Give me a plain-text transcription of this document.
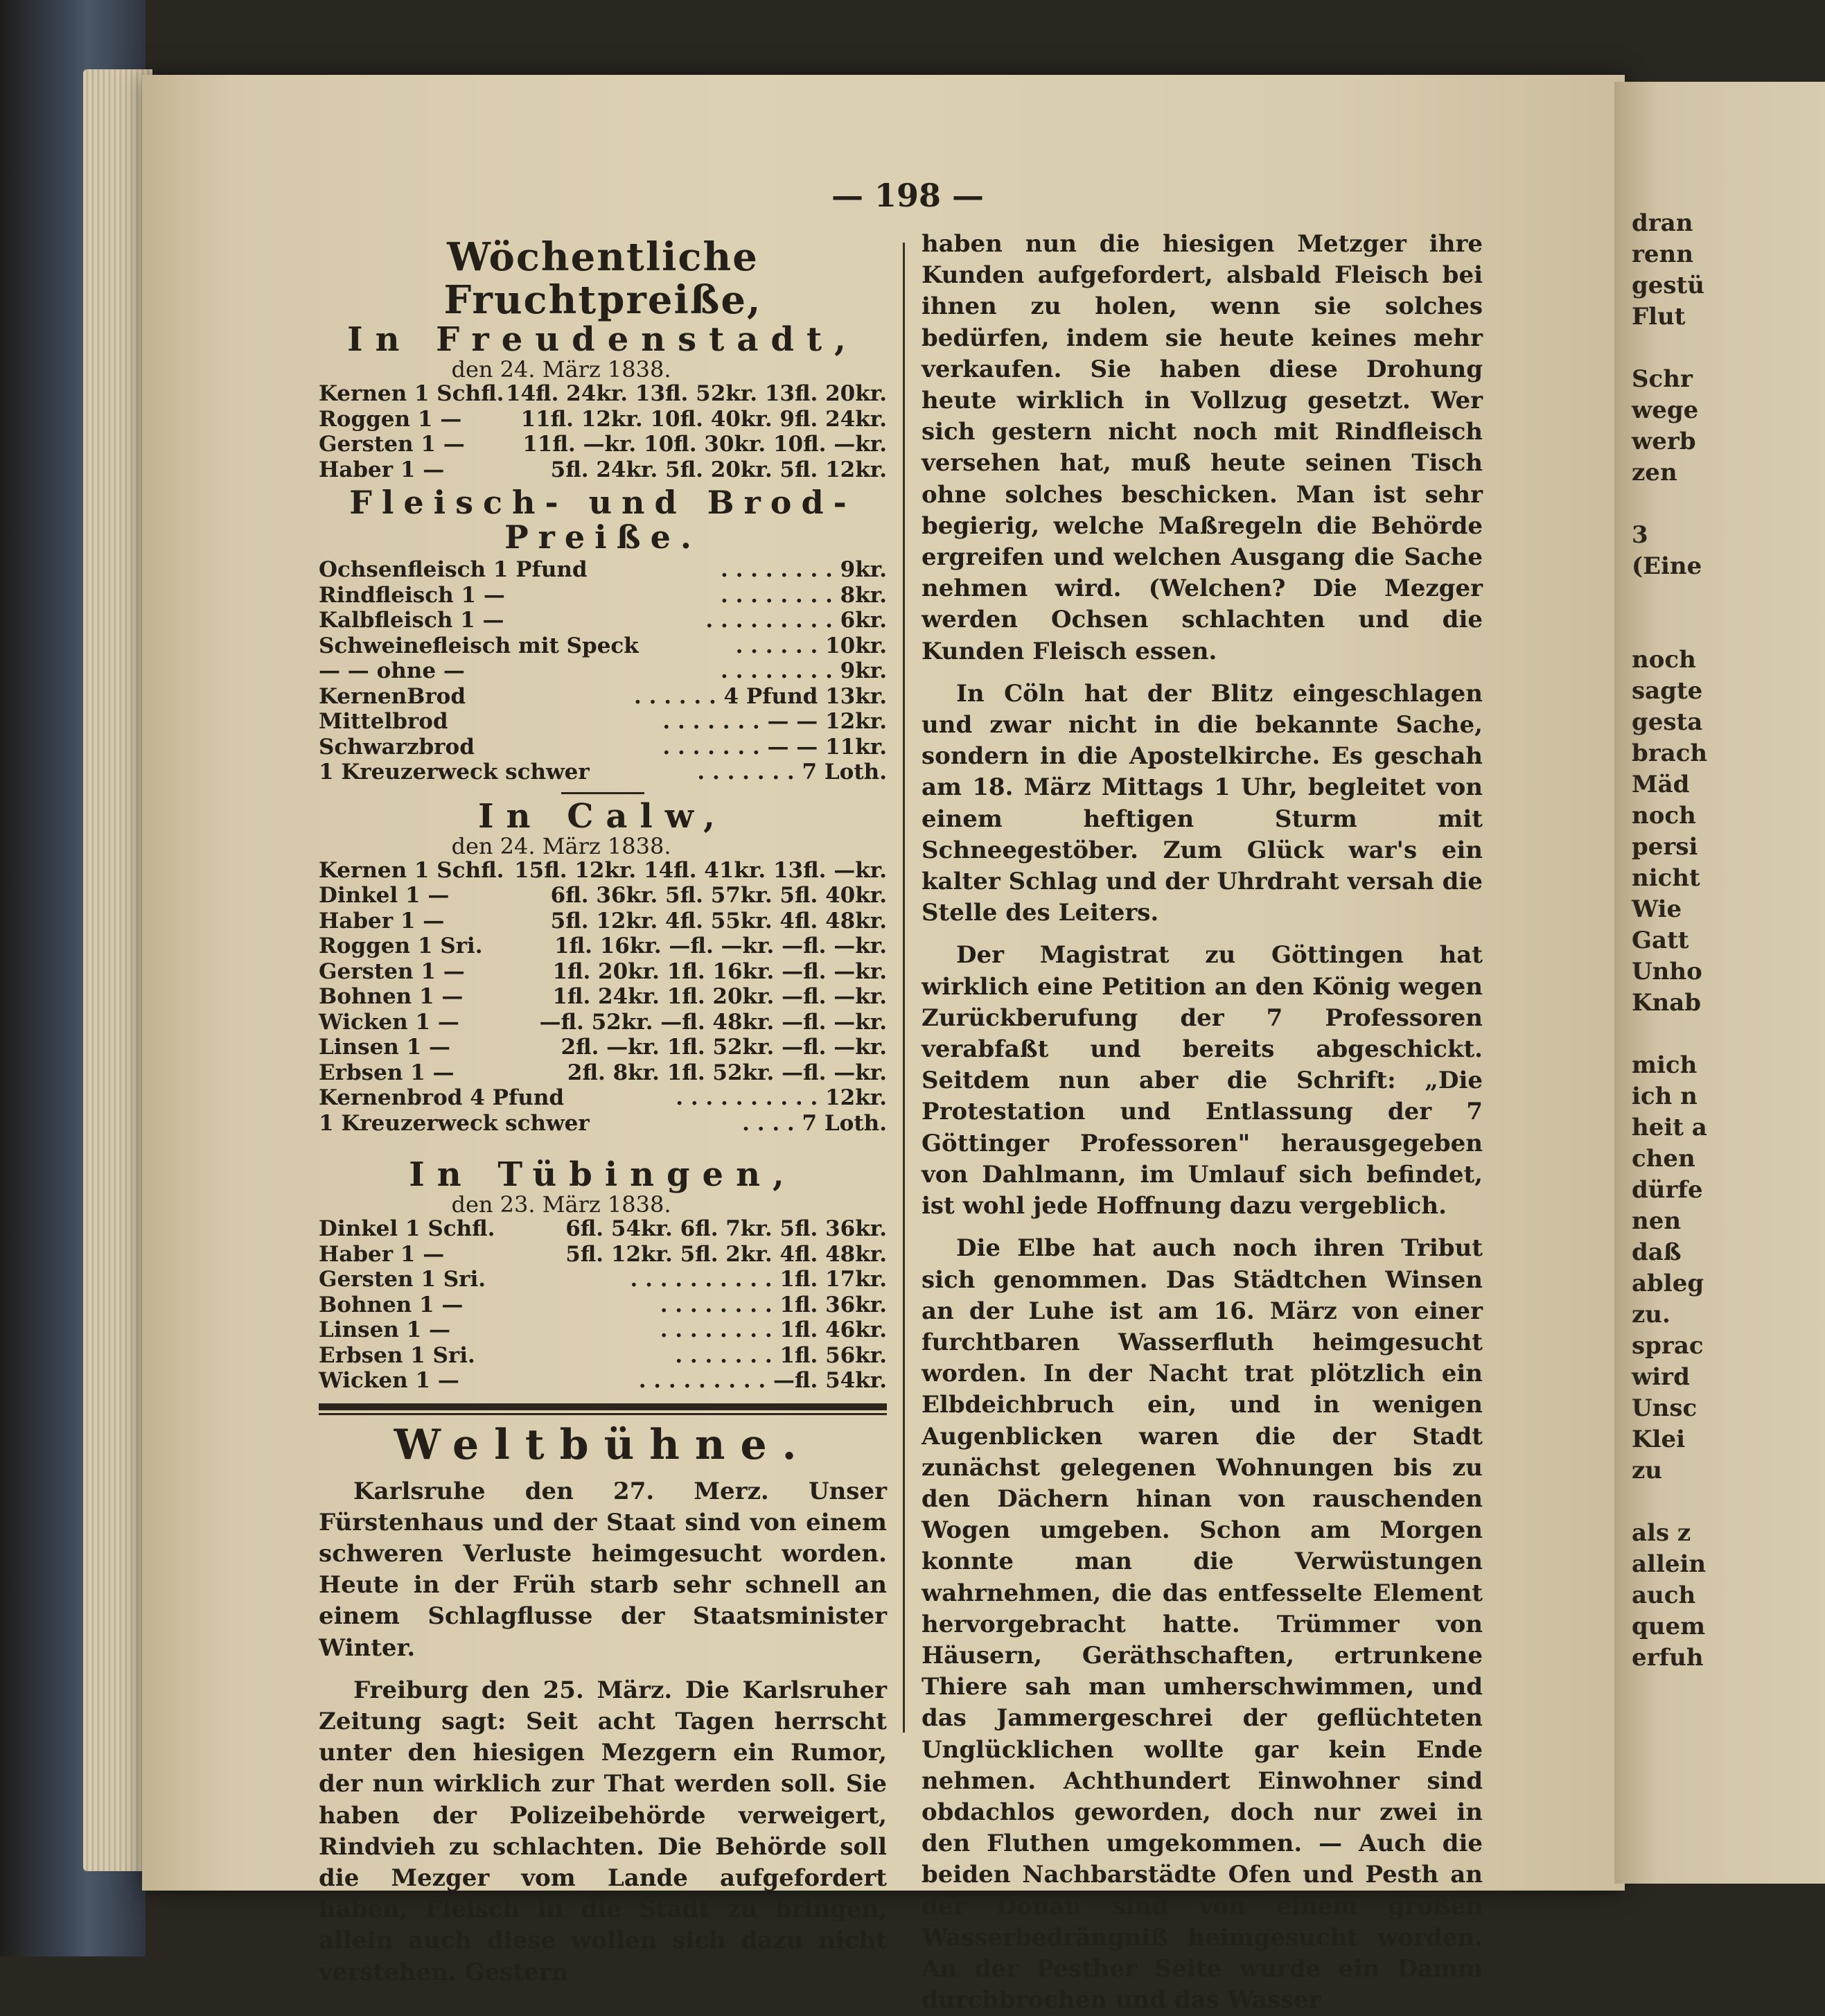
— 198 —
Wöchentliche Fruchtpreiße,
In Freudenstadt,
den 24. März 1838.
Kernen 1 Schfl. 14fl. 24kr. 13fl. 52kr. 13fl. 20kr.
Roggen 1 —	11fl. 12kr. 10fl. 40kr. 9fl. 24kr.
Gersten 1 —	11fl. —kr. 10fl. 30kr. 10fl. —kr.
Haber 1 —	5fl. 24kr. 5fl. 20kr. 5fl. 12kr.
Fleisch- und Brod-Preiße.
Ochsenfleisch 1 Pfund	. . . . . . . . 9kr.
Rindfleisch 1 —	. . . . . . . . 8kr.
Kalbfleisch 1 —	. . . . . . . . . 6kr.
Schweinefleisch mit Speck	. . . . . . 10kr.
— — ohne —	. . . . . . . . 9kr.
KernenBrod	. . . . . . 4 Pfund 13kr.
Mittelbrod	. . . . . . . — — 12kr.
Schwarzbrod	. . . . . . . — — 11kr.
1 Kreuzerweck schwer	. . . . . . . 7 Loth.
In Calw,
den 24. März 1838.
Kernen 1 Schfl. 15fl. 12kr. 14fl. 41kr. 13fl. —kr.
Dinkel 1 —	6fl. 36kr. 5fl. 57kr. 5fl. 40kr.
Haber 1 —	5fl. 12kr. 4fl. 55kr. 4fl. 48kr.
Roggen 1 Sri.	1fl. 16kr. —fl. —kr. —fl. —kr.
Gersten 1 —	1fl. 20kr. 1fl. 16kr. —fl. —kr.
Bohnen 1 —	1fl. 24kr. 1fl. 20kr. —fl. —kr.
Wicken 1 —	—fl. 52kr. —fl. 48kr. —fl. —kr.
Linsen 1 —	2fl. —kr. 1fl. 52kr. —fl. —kr.
Erbsen 1 —	2fl. 8kr. 1fl. 52kr. —fl. —kr.
Kernenbrod 4 Pfund	. . . . . . . . . . 12kr.
1 Kreuzerweck schwer	. . . . 7 Loth.
In Tübingen,
den 23. März 1838.
Dinkel 1 Schfl.	6fl. 54kr. 6fl. 7kr. 5fl. 36kr.
Haber 1 —	5fl. 12kr. 5fl. 2kr. 4fl. 48kr.
Gersten 1 Sri.	. . . . . . . . . . 1fl. 17kr.
Bohnen 1 —	. . . . . . . . 1fl. 36kr.
Linsen 1 —	. . . . . . . . 1fl. 46kr.
Erbsen 1 Sri.	. . . . . . . 1fl. 56kr.
Wicken 1 —	. . . . . . . . . —fl. 54kr.
Weltbühne.

Karlsruhe den 27. Merz. Unser Fürstenhaus und der Staat sind von einem schweren Verluste heimgesucht worden. Heute in der Früh starb sehr schnell an einem Schlagflusse der Staatsminister Winter.

Freiburg den 25. März. Die Karlsruher Zeitung sagt: Seit acht Tagen herrscht unter den hiesigen Mezgern ein Rumor, der nun wirklich zur That werden soll. Sie haben der Polizeibehörde verweigert, Rindvieh zu schlachten. Die Behörde soll die Mezger vom Lande aufgefordert haben, Fleisch in die Stadt zu bringen, allein auch diese wollen sich dazu nicht verstehen. Gestern

haben nun die hiesigen Metzger ihre Kunden aufgefordert, alsbald Fleisch bei ihnen zu holen, wenn sie solches bedürfen, indem sie heute keines mehr verkaufen. Sie haben diese Drohung heute wirklich in Vollzug gesetzt. Wer sich gestern nicht noch mit Rindfleisch versehen hat, muß heute seinen Tisch ohne solches beschicken. Man ist sehr begierig, welche Maßregeln die Behörde ergreifen und welchen Ausgang die Sache nehmen wird. (Welchen? Die Mezger werden Ochsen schlachten und die Kunden Fleisch essen.

In Cöln hat der Blitz eingeschlagen und zwar nicht in die bekannte Sache, sondern in die Apostelkirche. Es geschah am 18. März Mittags 1 Uhr, begleitet von einem heftigen Sturm mit Schneegestöber. Zum Glück war's ein kalter Schlag und der Uhrdraht versah die Stelle des Leiters.

Der Magistrat zu Göttingen hat wirklich eine Petition an den König wegen Zurückberufung der 7 Professoren verabfaßt und bereits abgeschickt. Seitdem nun aber die Schrift: „Die Protestation und Entlassung der 7 Göttinger Professoren" herausgegeben von Dahlmann, im Umlauf sich befindet, ist wohl jede Hoffnung dazu vergeblich.

Die Elbe hat auch noch ihren Tribut sich genommen. Das Städtchen Winsen an der Luhe ist am 16. März von einer furchtbaren Wasserfluth heimgesucht worden. In der Nacht trat plötzlich ein Elbdeichbruch ein, und in wenigen Augenblicken waren die der Stadt zunächst gelegenen Wohnungen bis zu den Dächern hinan von rauschenden Wogen umgeben. Schon am Morgen konnte man die Verwüstungen wahrnehmen, die das entfesselte Element hervorgebracht hatte. Trümmer von Häusern, Geräthschaften, ertrunkene Thiere sah man umherschwimmen, und das Jammergeschrei der geflüchteten Unglücklichen wollte gar kein Ende nehmen. Achthundert Einwohner sind obdachlos geworden, doch nur zwei in den Fluthen umgekommen. — Auch die beiden Nachbarstädte Ofen und Pesth an der Donau sind von einem großen Wasserbedrängniß heimgesucht worden. An der Pesther Seite wurde ein Damm durchbrochen und das Wasser

dran
renn
gestü
Flut

Schr
wege
werb
zen

3
(Eine

noch
sagte
gesta
brach
Mäd
noch
persi
nicht
Wie
Gatt
Unho
Knab

mich
ich n
heit a
chen
dürfe
nen
daß
ableg
zu.
sprac
wird
Unsc
Klei
zu

als z
allein
auch
quem
erfuh
